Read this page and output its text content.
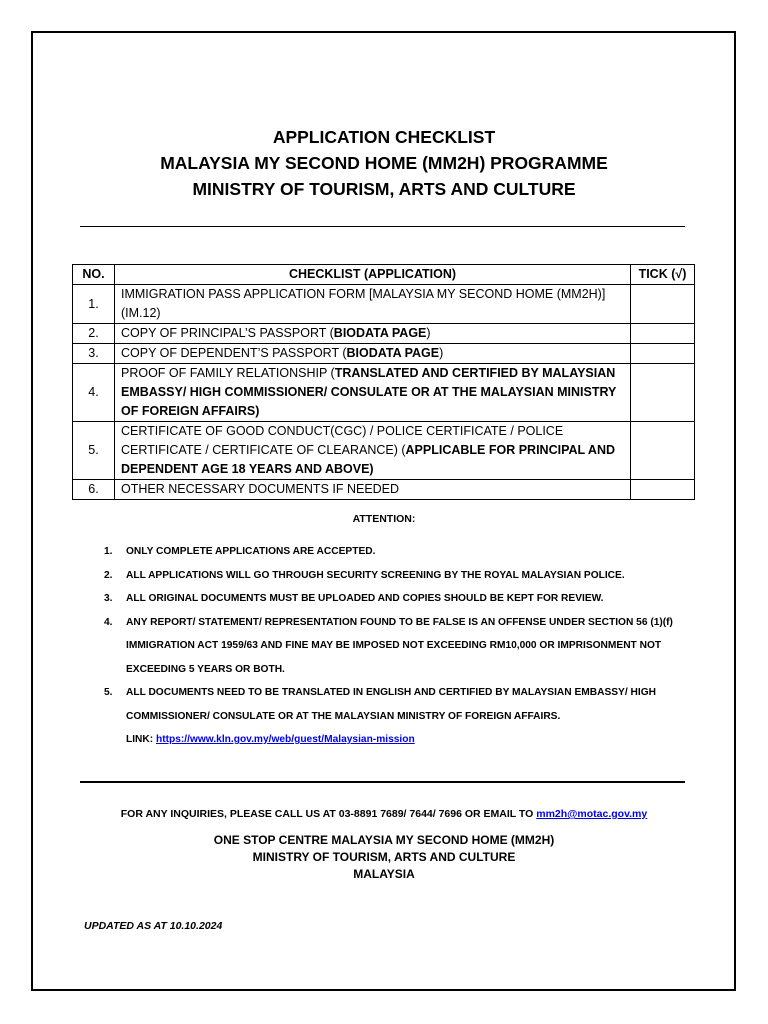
APPLICATION CHECKLIST
MALAYSIA MY SECOND HOME (MM2H) PROGRAMME
MINISTRY OF TOURISM, ARTS AND CULTURE
NO.	CHECKLIST (APPLICATION)	TICK (√)
1.	IMMIGRATION PASS APPLICATION FORM [MALAYSIA MY SECOND HOME (MM2H)] (IM.12)	
2.	COPY OF PRINCIPAL’S PASSPORT (BIODATA PAGE)	
3.	COPY OF DEPENDENT’S PASSPORT (BIODATA PAGE)	
4.	PROOF OF FAMILY RELATIONSHIP (TRANSLATED AND CERTIFIED BY MALAYSIAN EMBASSY/ HIGH COMMISSIONER/ CONSULATE OR AT THE MALAYSIAN MINISTRY OF FOREIGN AFFAIRS)	
5.	CERTIFICATE OF GOOD CONDUCT(CGC) / POLICE CERTIFICATE / POLICE CERTIFICATE / CERTIFICATE OF CLEARANCE) (APPLICABLE FOR PRINCIPAL AND DEPENDENT AGE 18 YEARS AND ABOVE)	
6.	OTHER NECESSARY DOCUMENTS IF NEEDED	
ATTENTION:
1. ONLY COMPLETE APPLICATIONS ARE ACCEPTED.
2. ALL APPLICATIONS WILL GO THROUGH SECURITY SCREENING BY THE ROYAL MALAYSIAN POLICE.
3. ALL ORIGINAL DOCUMENTS MUST BE UPLOADED AND COPIES SHOULD BE KEPT FOR REVIEW.
4. ANY REPORT/ STATEMENT/ REPRESENTATION FOUND TO BE FALSE IS AN OFFENSE UNDER SECTION 56 (1)(f) IMMIGRATION ACT 1959/63 AND FINE MAY BE IMPOSED NOT EXCEEDING RM10,000 OR IMPRISONMENT NOT EXCEEDING 5 YEARS OR BOTH.
5. ALL DOCUMENTS NEED TO BE TRANSLATED IN ENGLISH AND CERTIFIED BY MALAYSIAN EMBASSY/ HIGH COMMISSIONER/ CONSULATE OR AT THE MALAYSIAN MINISTRY OF FOREIGN AFFAIRS.
LINK: https://www.kln.gov.my/web/guest/Malaysian-mission
FOR ANY INQUIRIES, PLEASE CALL US AT 03-8891 7689/ 7644/ 7696 OR EMAIL TO mm2h@motac.gov.my
ONE STOP CENTRE MALAYSIA MY SECOND HOME (MM2H)
MINISTRY OF TOURISM, ARTS AND CULTURE
MALAYSIA
UPDATED AS AT 10.10.2024
